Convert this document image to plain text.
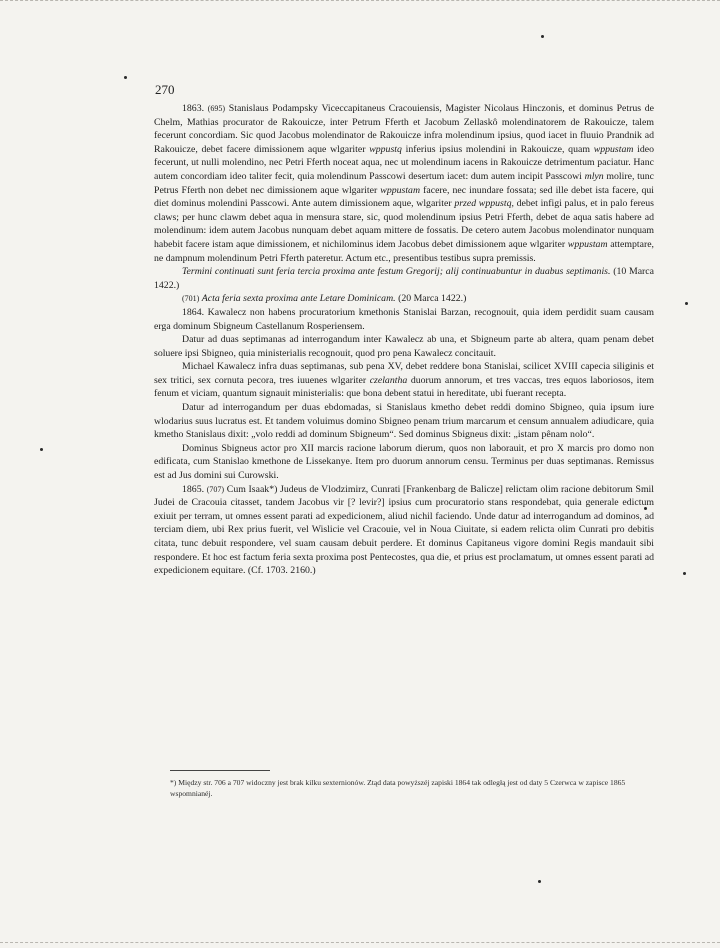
270

1863. (695) Stanislaus Podampsky Viceccapitaneus Cracouiensis, Magister Nicolaus Hinczonis, et dominus Petrus de Chelm, Mathias procurator de Rakouicze, inter Petrum Fferth et Jacobum Zellaskô molendinatorem de Rakouicze, talem fecerunt concordiam. Sic quod Jacobus molendinator de Rakouicze infra molendinum ipsius, quod iacet in fluuio Prandnik ad Rakouicze, debet facere dimissionem aque wlgariter wppustq inferius ipsius molendini in Rakouicze, quam wppustam ideo fecerunt, ut nulli molendino, nec Petri Fferth noceat aqua, nec ut molendinum iacens in Rakouicze detrimentum paciatur. Hanc autem concordiam ideo taliter fecit, quia molendinum Passcowi desertum iacet: dum autem incipit Passcowi mlyn molire, tunc Petrus Fferth non debet nec dimissionem aque wlgariter wppustam facere, nec inundare fossata; sed ille debet ista facere, qui diet dominus molendini Passcowi. Ante autem dimissionem aque, wlgariter przed wppustq, debet infigi palus, et in palo fereus claws; per hunc clawm debet aqua in mensura stare, sic, quod molendinum ipsius Petri Fferth, debet de aqua satis habere ad molendinum: idem autem Jacobus nunquam debet aquam mittere de fossatis. De cetero autem Jacobus molendinator nunquam habebit facere istam aque dimissionem, et nichilominus idem Jacobus debet dimissionem aque wlgariter wppustam attemptare, ne dampnum molendinum Petri Fferth pateretur. Actum etc., presentibus testibus supra premissis.

Termini continuati sunt feria tercia proxima ante festum Gregorij; alij continuabuntur in duabus septimanis. (10 Marca 1422.)

(701) Acta feria sexta proxima ante Letare Dominicam. (20 Marca 1422.)

1864. Kawalecz non habens procuratorium kmethonis Stanislai Barzan, recognouit, quia idem perdidit suam causam erga dominum Sbigneum Castellanum Rosperiensem.

Datur ad duas septimanas ad interrogandum inter Kawalecz ab una, et Sbigneum parte ab altera, quam penam debet soluere ipsi Sbigneo, quia ministerialis recognouit, quod pro pena Kawalecz concitauit.

Michael Kawalecz infra duas septimanas, sub pena XV, debet reddere bona Stanislai, scilicet XVIII capecia siliginis et sex tritici, sex cornuta pecora, tres iuuenes wlgariter czelantha duorum annorum, et tres vaccas, tres equos laboriosos, item fenum et viciam, quantum signauit ministerialis: que bona debent statui in hereditate, ubi fuerant recepta.

Datur ad interrogandum per duas ebdomadas, si Stanislaus kmetho debet reddi domino Sbigneo, quia ipsum iure wlodarius suus lucratus est. Et tandem voluimus domino Sbigneo penam trium marcarum et censum annualem adiudicare, quia kmetho Stanislaus dixit: „volo reddi ad dominum Sbigneum“. Sed dominus Sbigneus dixit: „istam pênam nolo“.

Dominus Sbigneus actor pro XII marcis racione laborum dierum, quos non laborauit, et pro X marcis pro domo non edificata, cum Stanislao kmethone de Lissekanye. Item pro duorum annorum censu. Terminus per duas septimanas. Remissus est ad Jus domini sui Curowski.

1865. (707) Cum Isaak*) Judeus de Vlodzimirz, Cunrati [Frankenbarg de Balicze] relictam olim racione debitorum Smil Judei de Cracouia citasset, tandem Jacobus vir [? levir?] ipsius cum procuratorio stans respondebat, quia generale edictum exiuit per terram, ut omnes essent parati ad expedicionem, aliud nichil faciendo. Unde datur ad interrogandum ad dominos, ad terciam diem, ubi Rex prius fuerit, vel Wislicie vel Cracouie, vel in Noua Ciuitate, si eadem relicta olim Cunrati pro debitis citata, tunc debuit respondere, vel suam causam debuit perdere. Et dominus Capitaneus vigore domini Regis mandauit sibi respondere. Et hoc est factum feria sexta proxima post Pentecostes, qua die, et prius est proclamatum, ut omnes essent parati ad expedicionem equitare. (Cf. 1703. 2160.)

*) Między str. 706 a 707 widoczny jest brak kilku sexternionów. Ztąd data powyższéj zapiski 1864 tak odległą jest od daty 5 Czerwca w zapisce 1865 wspomnianéj.
